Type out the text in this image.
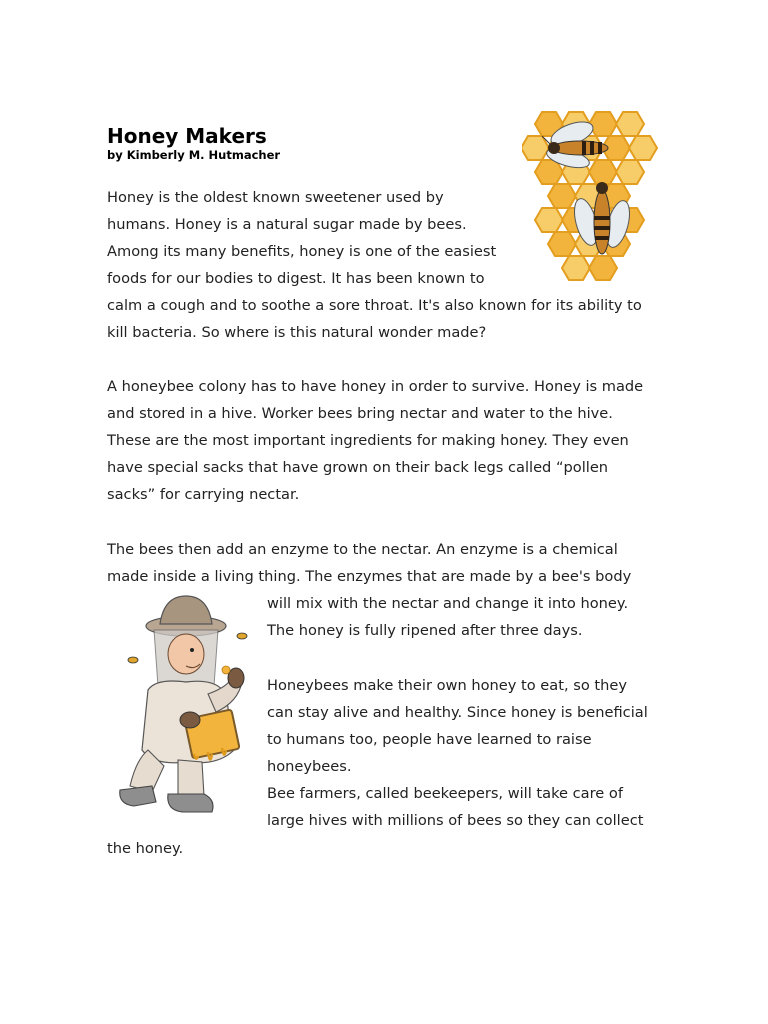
Honey Makers
by Kimberly M. Hutmacher
Honey is the oldest known sweetener used by
humans. Honey is a natural sugar made by bees.
Among its many benefits, honey is one of the easiest
foods for our bodies to digest. It has been known to
calm a cough and to soothe a sore throat. It's also known for its ability to
kill bacteria. So where is this natural wonder made?
A honeybee colony has to have honey in order to survive. Honey is made
and stored in a hive. Worker bees bring nectar and water to the hive.
These are the most important ingredients for making honey. They even
have special sacks that have grown on their back legs called “pollen
sacks” for carrying nectar.
The bees then add an enzyme to the nectar. An enzyme is a chemical
made inside a living thing. The enzymes that are made by a bee's body
will mix with the nectar and change it into honey.
The honey is fully ripened after three days.
Honeybees make their own honey to eat, so they
can stay alive and healthy. Since honey is beneficial
to humans too, people have learned to raise
honeybees.
Bee farmers, called beekeepers, will take care of
large hives with millions of bees so they can collect
the honey.
